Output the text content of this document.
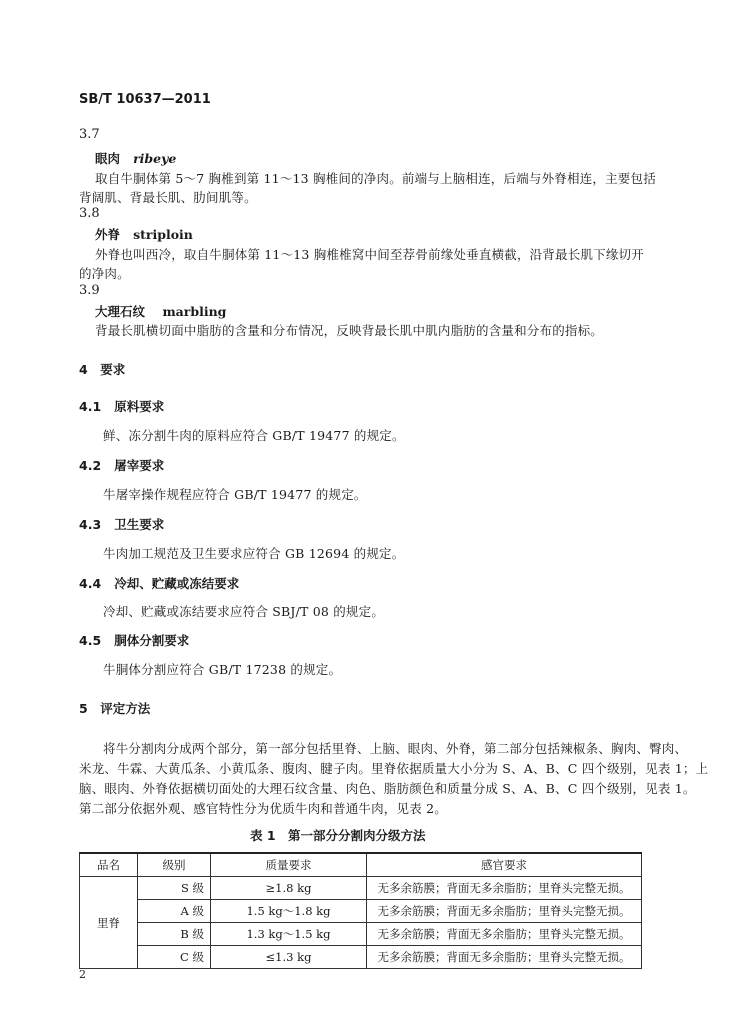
SB/T 10637—2011
3.7
眼肉 ribeye
取自牛胴体第 5～7 胸椎到第 11～13 胸椎间的净肉。前端与上脑相连，后端与外脊相连，主要包括
背阔肌、背最长肌、肋间肌等。
3.8
外脊 striploin
外脊也叫西冷，取自牛胴体第 11～13 胸椎椎窝中间至荐骨前缘处垂直横截，沿背最长肌下缘切开
的净肉。
3.9
大理石纹 marbling
背最长肌横切面中脂肪的含量和分布情况，反映背最长肌中肌内脂肪的含量和分布的指标。
4　要求
4.1 原料要求
鲜、冻分割牛肉的原料应符合 GB/T 19477 的规定。
4.2 屠宰要求
牛屠宰操作规程应符合 GB/T 19477 的规定。
4.3 卫生要求
牛肉加工规范及卫生要求应符合 GB 12694 的规定。
4.4 冷却、贮藏或冻结要求
冷却、贮藏或冻结要求应符合 SBJ/T 08 的规定。
4.5 胴体分割要求
牛胴体分割应符合 GB/T 17238 的规定。
5　评定方法
将牛分割肉分成两个部分，第一部分包括里脊、上脑、眼肉、外脊，第二部分包括辣椒条、胸肉、臀肉、
米龙、牛霖、大黄瓜条、小黄瓜条、腹肉、腱子肉。里脊依据质量大小分为 S、A、B、C 四个级别，见表 1；上
脑、眼肉、外脊依据横切面处的大理石纹含量、肉色、脂肪颜色和质量分成 S、A、B、C 四个级别，见表 1。
第二部分依据外观、感官特性分为优质牛肉和普通牛肉，见表 2。
表 1　第一部分分割肉分级方法
品名	级别	质量要求	感官要求
里脊	S 级	≥1.8 kg	无多余筋膜；背面无多余脂肪；里脊头完整无损。
	A 级	1.5 kg～1.8 kg	无多余筋膜；背面无多余脂肪；里脊头完整无损。
	B 级	1.3 kg～1.5 kg	无多余筋膜；背面无多余脂肪；里脊头完整无损。
	C 级	≤1.3 kg	无多余筋膜；背面无多余脂肪；里脊头完整无损。
2
